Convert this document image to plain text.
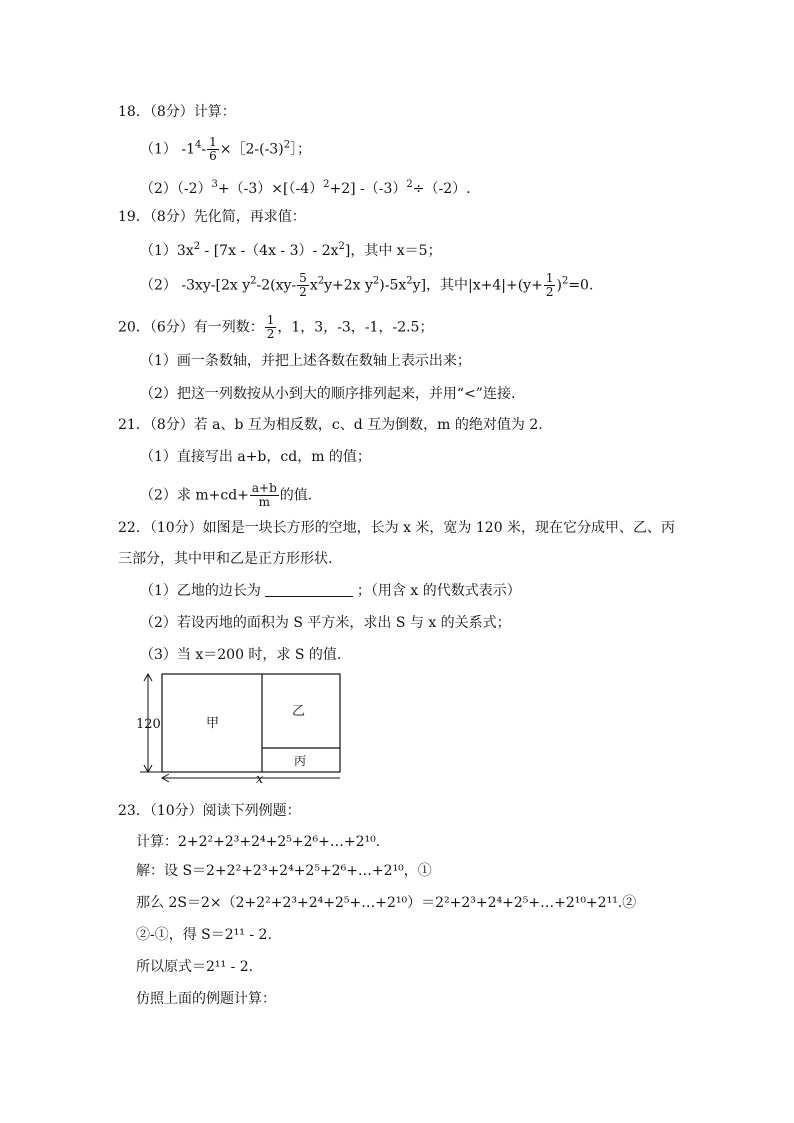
18．（8分）计算：
（1） $-1^4- \frac{1}{6}$ $\times[2-(-3)^2]$；
$(2)(-2)^3+(-3)\times[(-4)^2+2]$ $-(-3)^2\div(-2)$.
19．（8分）先化简，再求值：
$(1)3x^2 - [7x$ -（4x - 3）- $2x^2$]，其中 x＝5；
（2） -3xy-[2x $y^2-2(xy- \frac{5}{2} x^2y+2x$ $y^2)-5x^2y$]，其中$|x+4|+(y+ \frac{1}{2} )^2=0$.
20．（6分）有一列数： $\frac{1}{2}$ ，1，3，-3，-1，-2.5；
（1）画一条数轴，并把上述各数在数轴上表示出来；
（2）把这一列数按从小到大的顺序排列起来，并用“<”连接.
21．（8分）若 a、b 互为相反数，c、d 互为倒数，m 的绝对值为 2.
（1）直接写出 a+b，cd，m 的值；
（2）求 $m+cd+ \frac{a+b}{m}$ 的值.
22．（10分）如图是一块长方形的空地，长为 x 米，宽为 120 米，现在它分成甲、乙、丙
三部分，其中甲和乙是正方形形状.
（1）乙地的边长为	；（用含 x 的代数式表示）
（2）若设丙地的面积为 S 平方米，求出 S 与 x 的关系式；
（3）当 x＝200 时，求 S 的值.
甲
乙
丙
120
x
23．（10分）阅读下列例题：
计算：2+2²+2³+2⁴+2⁵+2⁶+…+2¹⁰.
解：设 S＝2+2²+2³+2⁴+2⁵+2⁶+…+2¹⁰，①
那么 2S＝2×（2+2²+2³+2⁴+2⁵+…+2¹⁰）＝2²+2³+2⁴+2⁵+…+2¹⁰+2¹¹.②
②-①，得 S＝2¹¹ - 2.
所以原式＝2¹¹ - 2.
仿照上面的例题计算：
